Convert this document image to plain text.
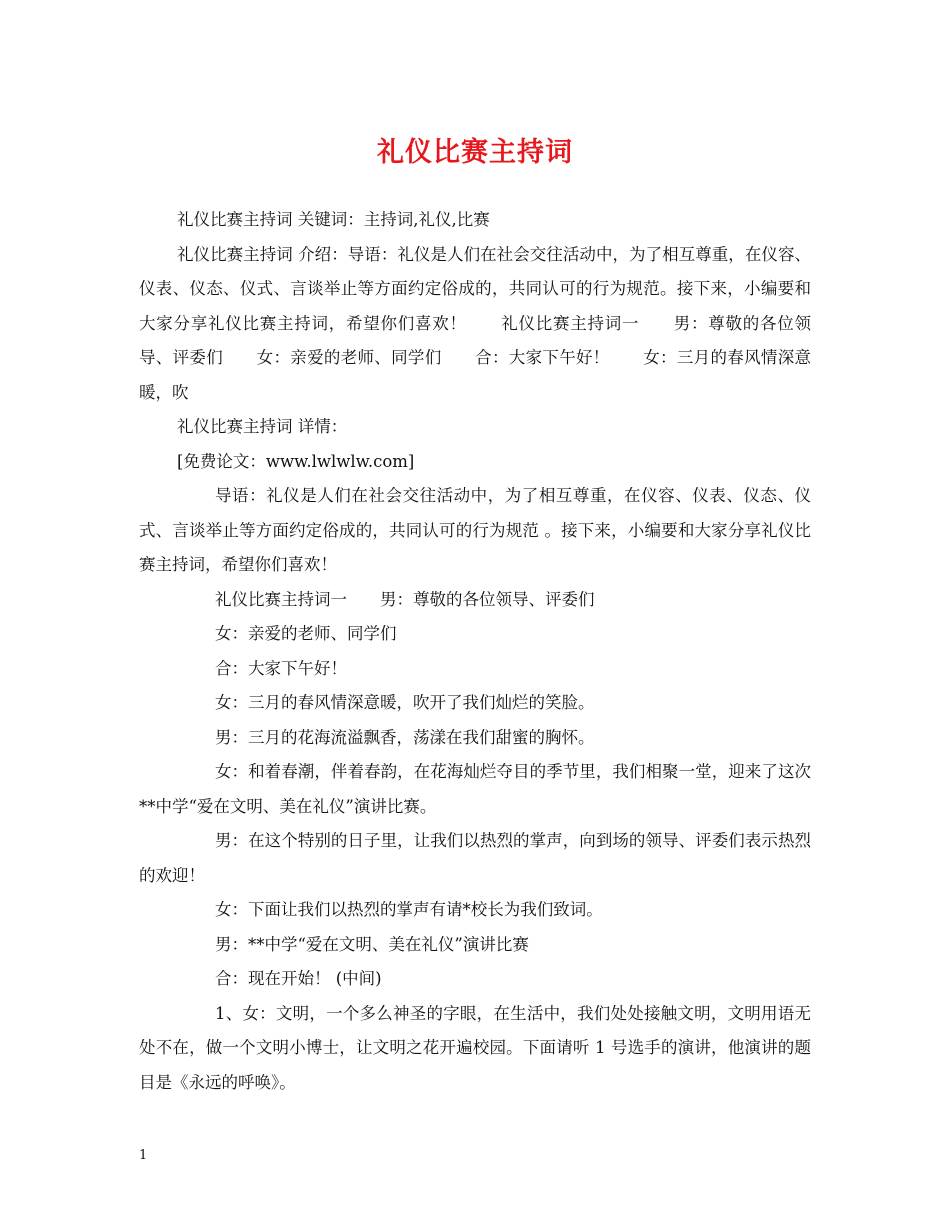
礼仪比赛主持词

礼仪比赛主持词 关键词：主持词,礼仪,比赛

礼仪比赛主持词 介绍：导语：礼仪是人们在社会交往活动中，为了相互尊重，在仪容、仪表、仪态、仪式、言谈举止等方面约定俗成的，共同认可的行为规范。接下来，小编要和大家分享礼仪比赛主持词，希望你们喜欢！　　礼仪比赛主持词一　　男：尊敬的各位领导、评委们　　女：亲爱的老师、同学们　　合：大家下午好！　　女：三月的春风情深意暖，吹

礼仪比赛主持词 详情：

[免费论文：www.lwlwlw.com]

导语：礼仪是人们在社会交往活动中，为了相互尊重，在仪容、仪表、仪态、仪式、言谈举止等方面约定俗成的，共同认可的行为规范 。接下来，小编要和大家分享礼仪比赛主持词，希望你们喜欢！

礼仪比赛主持词一　　男：尊敬的各位领导、评委们

女：亲爱的老师、同学们

合：大家下午好！

女：三月的春风情深意暖，吹开了我们灿烂的笑脸。

男：三月的花海流溢飘香，荡漾在我们甜蜜的胸怀。

女：和着春潮，伴着春韵，在花海灿烂夺目的季节里，我们相聚一堂，迎来了这次**中学“爱在文明、美在礼仪”演讲比赛。

男：在这个特别的日子里，让我们以热烈的掌声，向到场的领导、评委们表示热烈的欢迎！

女：下面让我们以热烈的掌声有请*校长为我们致词。

男：**中学“爱在文明、美在礼仪”演讲比赛

合：现在开始！ (中间)

1、女：文明，一个多么神圣的字眼，在生活中，我们处处接触文明，文明用语无处不在，做一个文明小博士，让文明之花开遍校园。下面请听 1 号选手的演讲，他演讲的题目是《永远的呼唤》。

1
